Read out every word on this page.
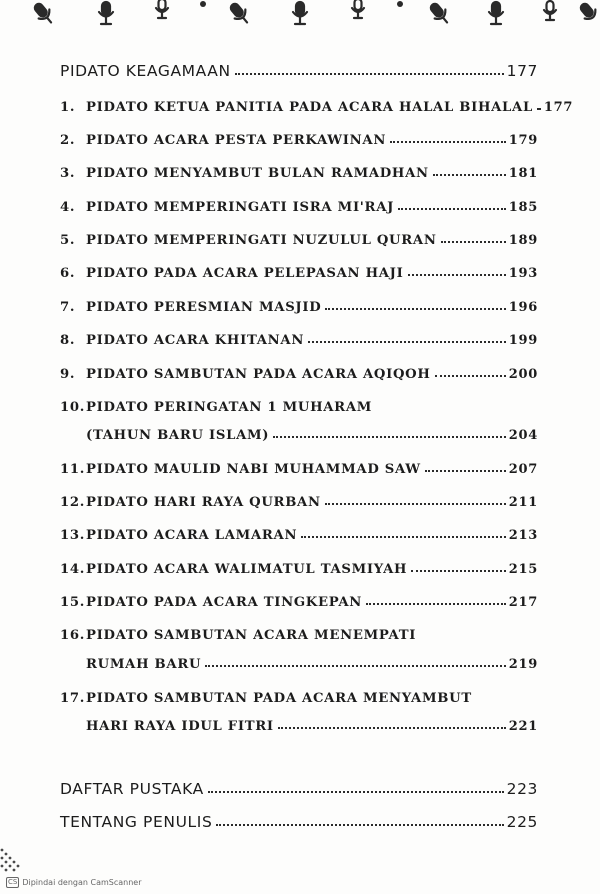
PIDATO KEAGAMAAN	177
1. PIDATO KETUA PANITIA PADA ACARA HALAL BIHALAL 177
2. PIDATO ACARA PESTA PERKAWINAN	179
3. PIDATO MENYAMBUT BULAN RAMADHAN	181
4. PIDATO MEMPERINGATI ISRA MI'RAJ	185
5. PIDATO MEMPERINGATI NUZULUL QURAN	189
6. PIDATO PADA ACARA PELEPASAN HAJI	193
7. PIDATO PERESMIAN MASJID	196
8. PIDATO ACARA KHITANAN	199
9. PIDATO SAMBUTAN PADA ACARA AQIQOH	200
10.PIDATO PERINGATAN 1 MUHARAM
(TAHUN BARU ISLAM)	204
11.PIDATO MAULID NABI MUHAMMAD SAW	207
12.PIDATO HARI RAYA QURBAN	211
13.PIDATO ACARA LAMARAN	213
14.PIDATO ACARA WALIMATUL TASMIYAH	215
15.PIDATO PADA ACARA TINGKEPAN	217
16.PIDATO SAMBUTAN ACARA MENEMPATI
RUMAH BARU	219
17.PIDATO SAMBUTAN PADA ACARA MENYAMBUT
HARI RAYA IDUL FITRI	221
DAFTAR PUSTAKA	223
TENTANG PENULIS	225
CS Dipindai dengan CamScanner
